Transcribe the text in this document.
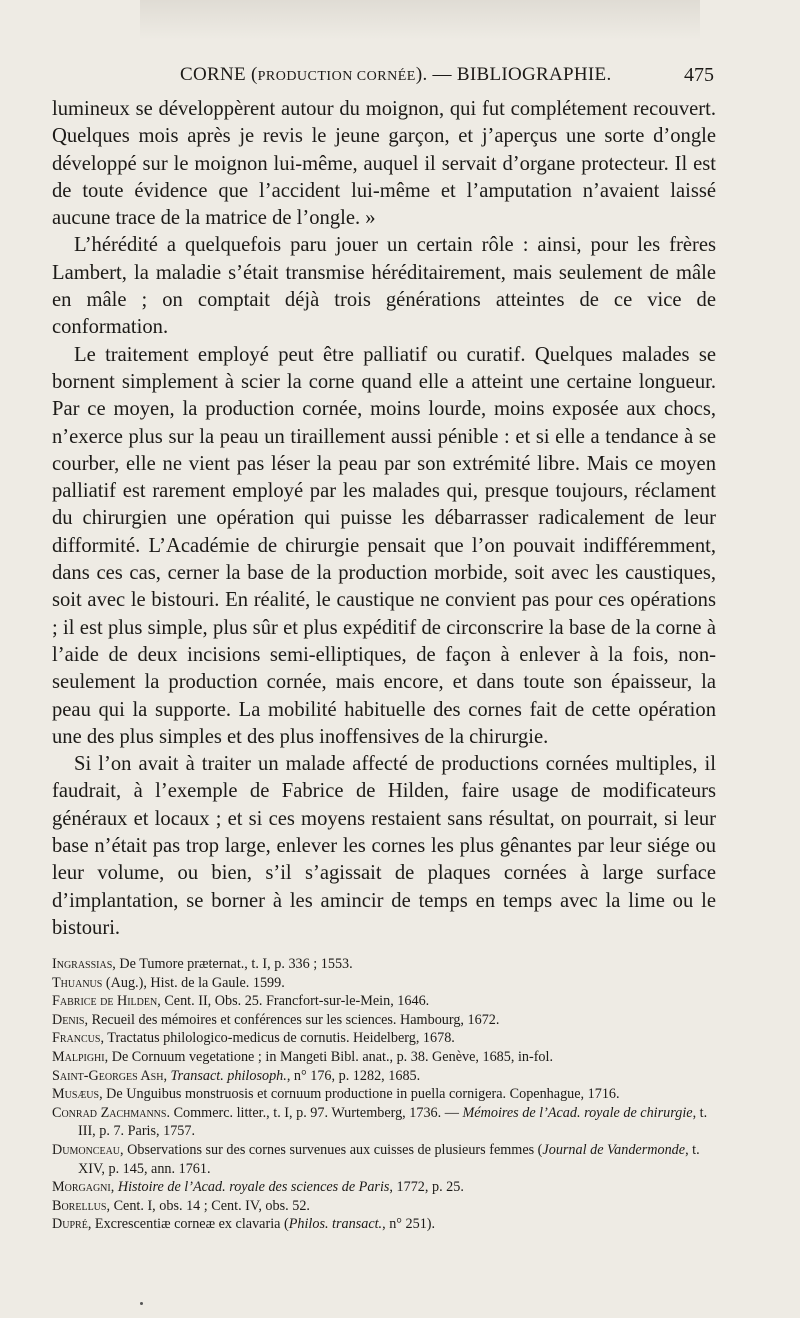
CORNE (PRODUCTION CORNÉE). — BIBLIOGRAPHIE.	475

lumineux se développèrent autour du moignon, qui fut complétement recouvert. Quelques mois après je revis le jeune garçon, et j’aperçus une sorte d’ongle développé sur le moignon lui-même, auquel il servait d’organe protecteur. Il est de toute évidence que l’accident lui-même et l’amputation n’avaient laissé aucune trace de la matrice de l’ongle. »

L’hérédité a quelquefois paru jouer un certain rôle : ainsi, pour les frères Lambert, la maladie s’était transmise héréditairement, mais seulement de mâle en mâle ; on comptait déjà trois générations atteintes de ce vice de conformation.

Le traitement employé peut être palliatif ou curatif. Quelques malades se bornent simplement à scier la corne quand elle a atteint une certaine longueur. Par ce moyen, la production cornée, moins lourde, moins exposée aux chocs, n’exerce plus sur la peau un tiraillement aussi pénible : et si elle a tendance à se courber, elle ne vient pas léser la peau par son extrémité libre. Mais ce moyen palliatif est rarement employé par les malades qui, presque toujours, réclament du chirurgien une opération qui puisse les débarrasser radicalement de leur difformité. L’Académie de chirurgie pensait que l’on pouvait indifféremment, dans ces cas, cerner la base de la production morbide, soit avec les caustiques, soit avec le bistouri. En réalité, le caustique ne convient pas pour ces opérations ; il est plus simple, plus sûr et plus expéditif de circonscrire la base de la corne à l’aide de deux incisions semi-elliptiques, de façon à enlever à la fois, non-seulement la production cornée, mais encore, et dans toute son épaisseur, la peau qui la supporte. La mobilité habituelle des cornes fait de cette opération une des plus simples et des plus inoffensives de la chirurgie.

Si l’on avait à traiter un malade affecté de productions cornées multiples, il faudrait, à l’exemple de Fabrice de Hilden, faire usage de modificateurs généraux et locaux ; et si ces moyens restaient sans résultat, on pourrait, si leur base n’était pas trop large, enlever les cornes les plus gênantes par leur siége ou leur volume, ou bien, s’il s’agissait de plaques cornées à large surface d’implantation, se borner à les amincir de temps en temps avec la lime ou le bistouri.

Ingrassias, De Tumore præternat., t. I, p. 336 ; 1553.

Thuanus (Aug.), Hist. de la Gaule. 1599.

Fabrice de Hilden, Cent. II, Obs. 25. Francfort-sur-le-Mein, 1646.

Denis, Recueil des mémoires et conférences sur les sciences. Hambourg, 1672.

Francus, Tractatus philologico-medicus de cornutis. Heidelberg, 1678.

Malpighi, De Cornuum vegetatione ; in Mangeti Bibl. anat., p. 38. Genève, 1685, in-fol.

Saint-Georges Ash, Transact. philosoph., n° 176, p. 1282, 1685.

Musæus, De Unguibus monstruosis et cornuum productione in puella cornigera. Copenhague, 1716.

Conrad Zachmanns. Commerc. litter., t. I, p. 97. Wurtemberg, 1736. — Mémoires de l’Acad. royale de chirurgie, t. III, p. 7. Paris, 1757.

Dumonceau, Observations sur des cornes survenues aux cuisses de plusieurs femmes (Journal de Vandermonde, t. XIV, p. 145, ann. 1761.

Morgagni, Histoire de l’Acad. royale des sciences de Paris, 1772, p. 25.

Borellus, Cent. I, obs. 14 ; Cent. IV, obs. 52.

Dupré, Excrescentiæ corneæ ex clavaria (Philos. transact., n° 251).
